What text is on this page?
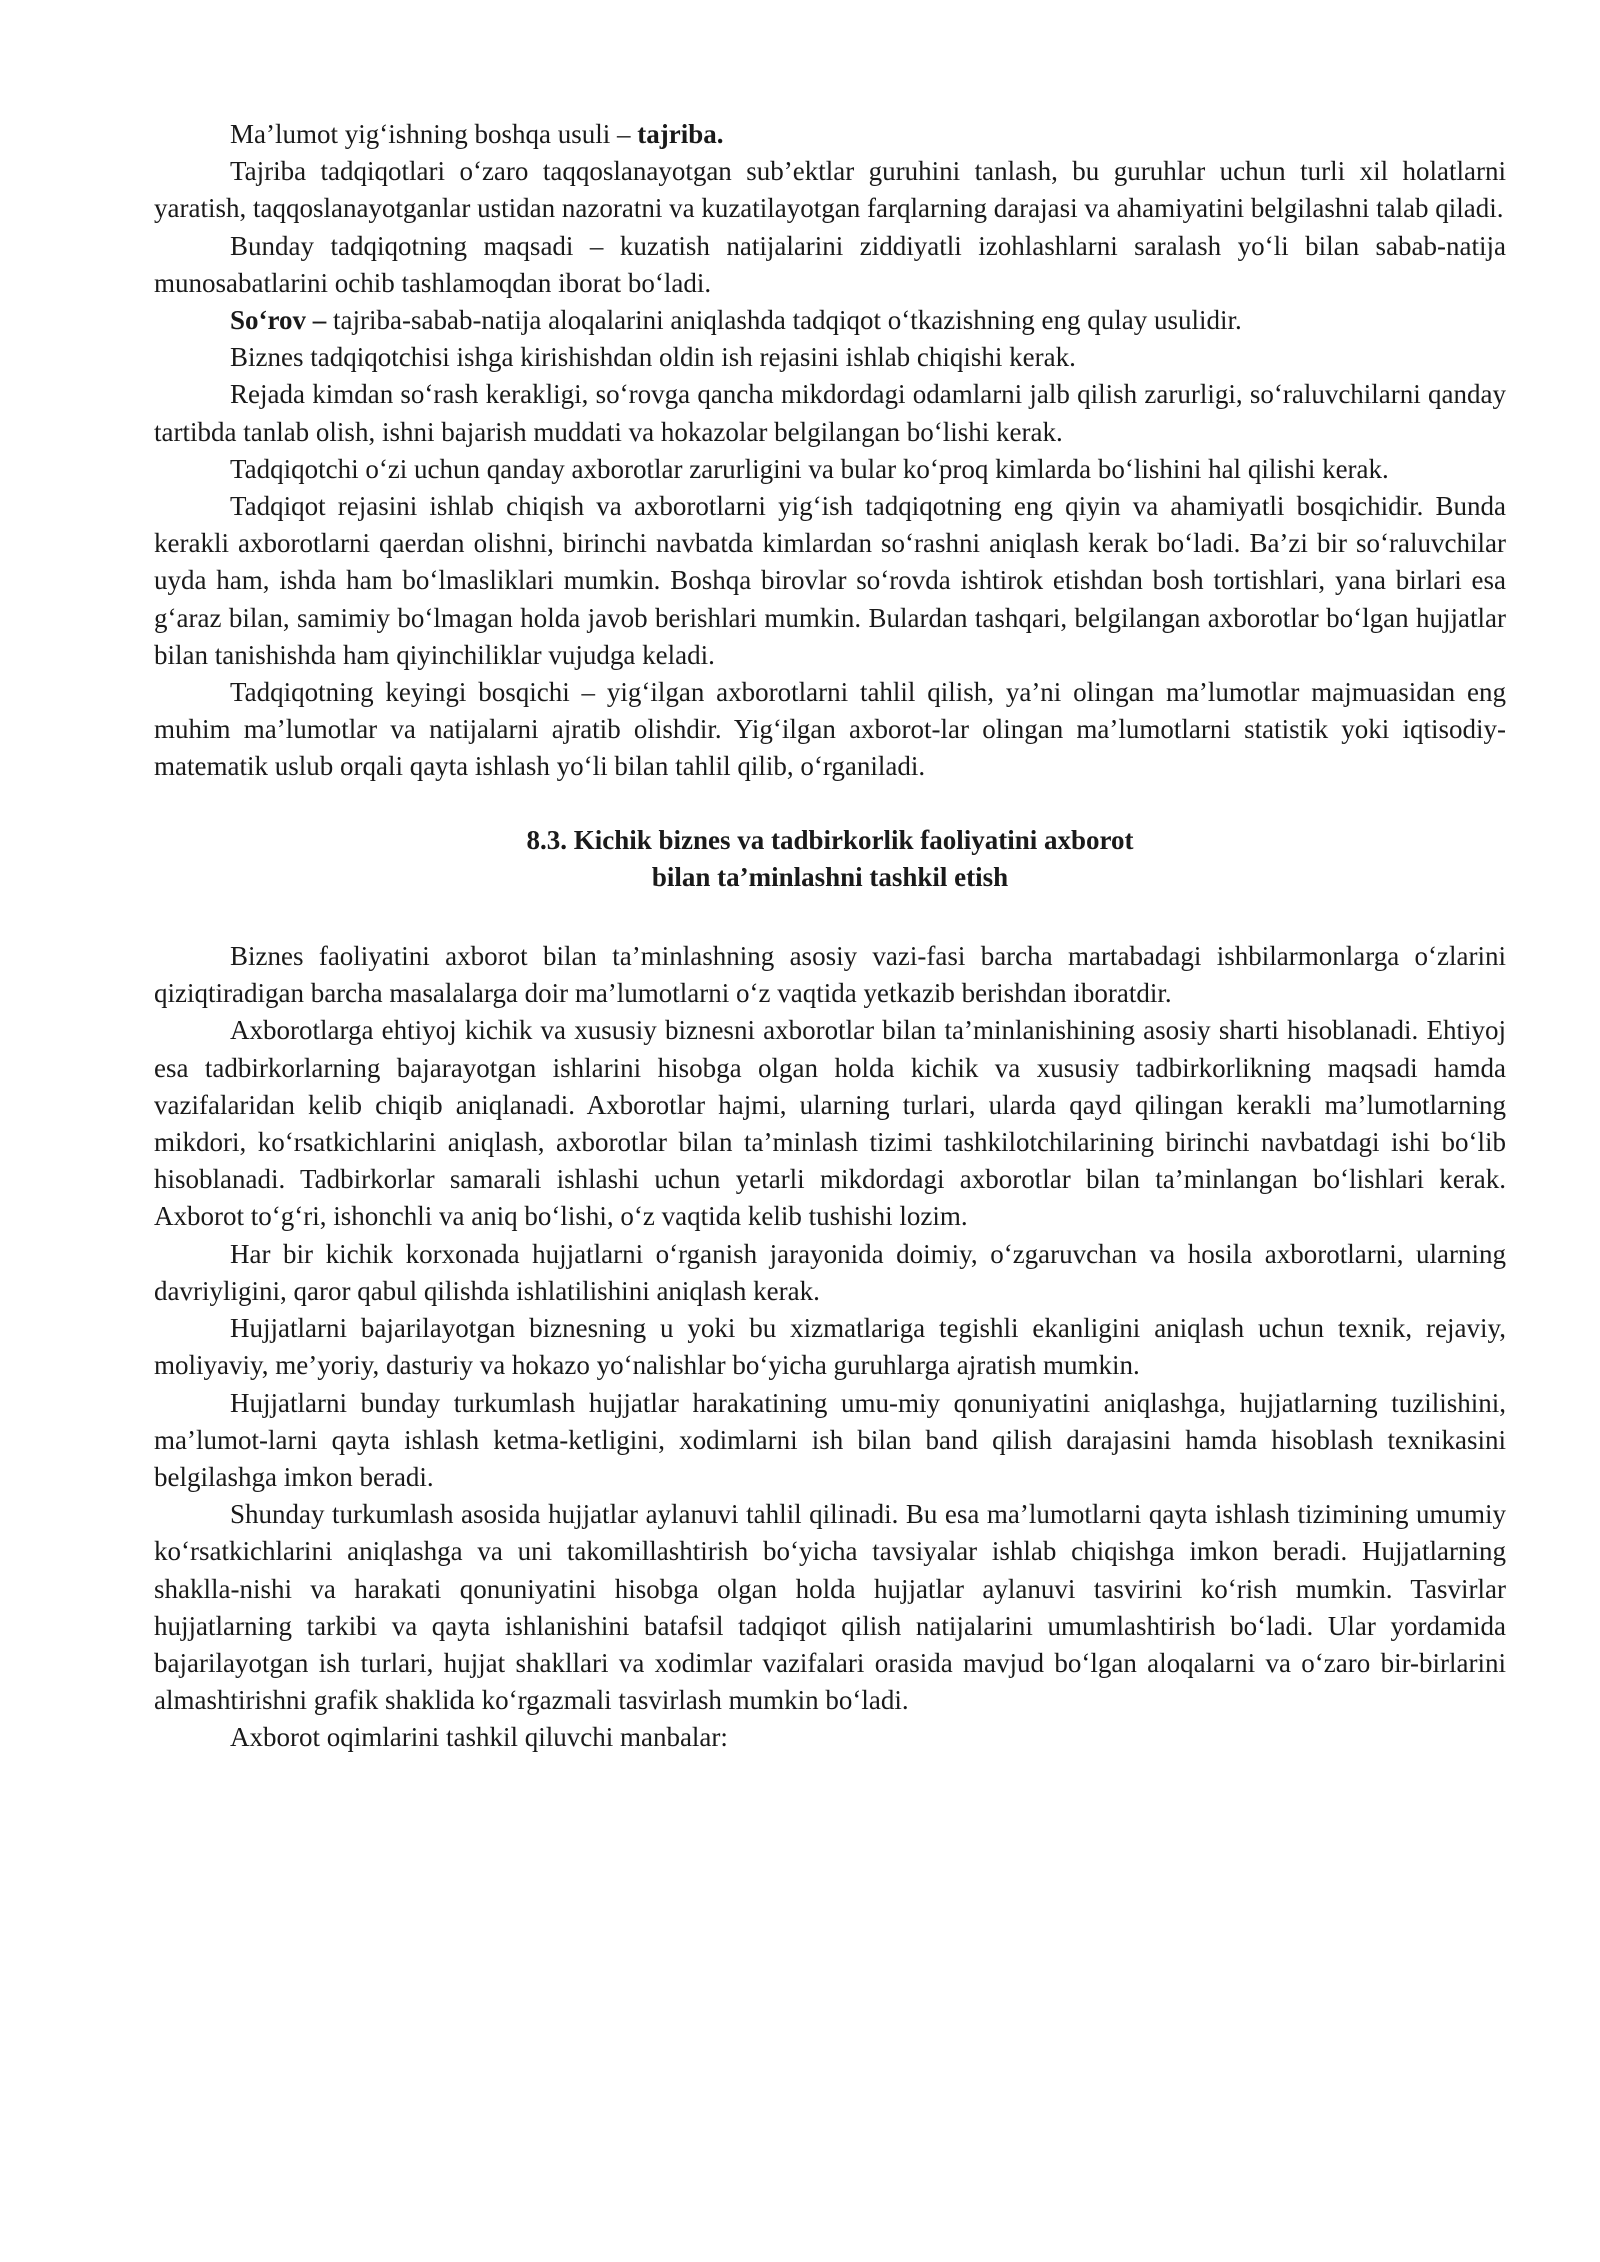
Ma’lumot yig‘ishning boshqa usuli – tajriba.

Tajriba tadqiqotlari o‘zaro taqqoslanayotgan sub’ektlar guruhini tanlash, bu guruhlar uchun turli xil holatlarni yaratish, taqqoslanayotganlar ustidan nazoratni va kuzatilayotgan farqlarning darajasi va ahamiyatini belgilashni talab qiladi.

Bunday tadqiqotning maqsadi – kuzatish natijalarini ziddiyatli izohlashlarni saralash yo‘li bilan sabab-natija munosabatlarini ochib tashlamoqdan iborat bo‘ladi.

So‘rov – tajriba-sabab-natija aloqalarini aniqlashda tadqiqot o‘tkazishning eng qulay usulidir.

Biznes tadqiqotchisi ishga kirishishdan oldin ish rejasini ishlab chiqishi kerak.

Rejada kimdan so‘rash kerakligi, so‘rovga qancha mikdordagi odamlarni jalb qilish zarurligi, so‘raluvchilarni qanday tartibda tanlab olish, ishni bajarish muddati va hokazolar belgilangan bo‘lishi kerak.

Tadqiqotchi o‘zi uchun qanday axborotlar zarurligini va bular ko‘proq kimlarda bo‘lishini hal qilishi kerak.

Tadqiqot rejasini ishlab chiqish va axborotlarni yig‘ish tadqiqotning eng qiyin va ahamiyatli bosqichidir. Bunda kerakli axborotlarni qaerdan olishni, birinchi navbatda kimlardan so‘rashni aniqlash kerak bo‘ladi. Ba’zi bir so‘raluvchilar uyda ham, ishda ham bo‘lmasliklari mumkin. Boshqa birovlar so‘rovda ishtirok etishdan bosh tortishlari, yana birlari esa g‘araz bilan, samimiy bo‘lmagan holda javob berishlari mumkin. Bulardan tashqari, belgilangan axborotlar bo‘lgan hujjatlar bilan tanishishda ham qiyinchiliklar vujudga keladi.

Tadqiqotning keyingi bosqichi – yig‘ilgan axborotlarni tahlil qilish, ya’ni olingan ma’lumotlar majmuasidan eng muhim ma’lumotlar va natijalarni ajratib olishdir. Yig‘ilgan axborot-lar olingan ma’lumotlarni statistik yoki iqtisodiy-matematik uslub orqali qayta ishlash yo‘li bilan tahlil qilib, o‘rganiladi.

8.3. Kichik biznes va tadbirkorlik faoliyatini axborot
bilan ta’minlashni tashkil etish

Biznes faoliyatini axborot bilan ta’minlashning asosiy vazi-fasi barcha martabadagi ishbilarmonlarga o‘zlarini qiziqtiradigan barcha masalalarga doir ma’lumotlarni o‘z vaqtida yetkazib berishdan iboratdir.

Axborotlarga ehtiyoj kichik va xususiy biznesni axborotlar bilan ta’minlanishining asosiy sharti hisoblanadi. Ehtiyoj esa tadbirkorlarning bajarayotgan ishlarini hisobga olgan holda kichik va xususiy tadbirkorlikning maqsadi hamda vazifalaridan kelib chiqib aniqlanadi. Axborotlar hajmi, ularning turlari, ularda qayd qilingan kerakli ma’lumotlarning mikdori, ko‘rsatkichlarini aniqlash, axborotlar bilan ta’minlash tizimi tashkilotchilarining birinchi navbatdagi ishi bo‘lib hisoblanadi. Tadbirkorlar samarali ishlashi uchun yetarli mikdordagi axborotlar bilan ta’minlangan bo‘lishlari kerak. Axborot to‘g‘ri, ishonchli va aniq bo‘lishi, o‘z vaqtida kelib tushishi lozim.

Har bir kichik korxonada hujjatlarni o‘rganish jarayonida doimiy, o‘zgaruvchan va hosila axborotlarni, ularning davriyligini, qaror qabul qilishda ishlatilishini aniqlash kerak.

Hujjatlarni bajarilayotgan biznesning u yoki bu xizmatlariga tegishli ekanligini aniqlash uchun texnik, rejaviy, moliyaviy, me’yoriy, dasturiy va hokazo yo‘nalishlar bo‘yicha guruhlarga ajratish mumkin.

Hujjatlarni bunday turkumlash hujjatlar harakatining umu-miy qonuniyatini aniqlashga, hujjatlarning tuzilishini, ma’lumot-larni qayta ishlash ketma-ketligini, xodimlarni ish bilan band qilish darajasini hamda hisoblash texnikasini belgilashga imkon beradi.

Shunday turkumlash asosida hujjatlar aylanuvi tahlil qilinadi. Bu esa ma’lumotlarni qayta ishlash tizimining umumiy ko‘rsatkichlarini aniqlashga va uni takomillashtirish bo‘yicha tavsiyalar ishlab chiqishga imkon beradi. Hujjatlarning shaklla-nishi va harakati qonuniyatini hisobga olgan holda hujjatlar aylanuvi tasvirini ko‘rish mumkin. Tasvirlar hujjatlarning tarkibi va qayta ishlanishini batafsil tadqiqot qilish natijalarini umumlashtirish bo‘ladi. Ular yordamida bajarilayotgan ish turlari, hujjat shakllari va xodimlar vazifalari orasida mavjud bo‘lgan aloqalarni va o‘zaro bir-birlarini almashtirishni grafik shaklida ko‘rgazmali tasvirlash mumkin bo‘ladi.

Axborot oqimlarini tashkil qiluvchi manbalar:
